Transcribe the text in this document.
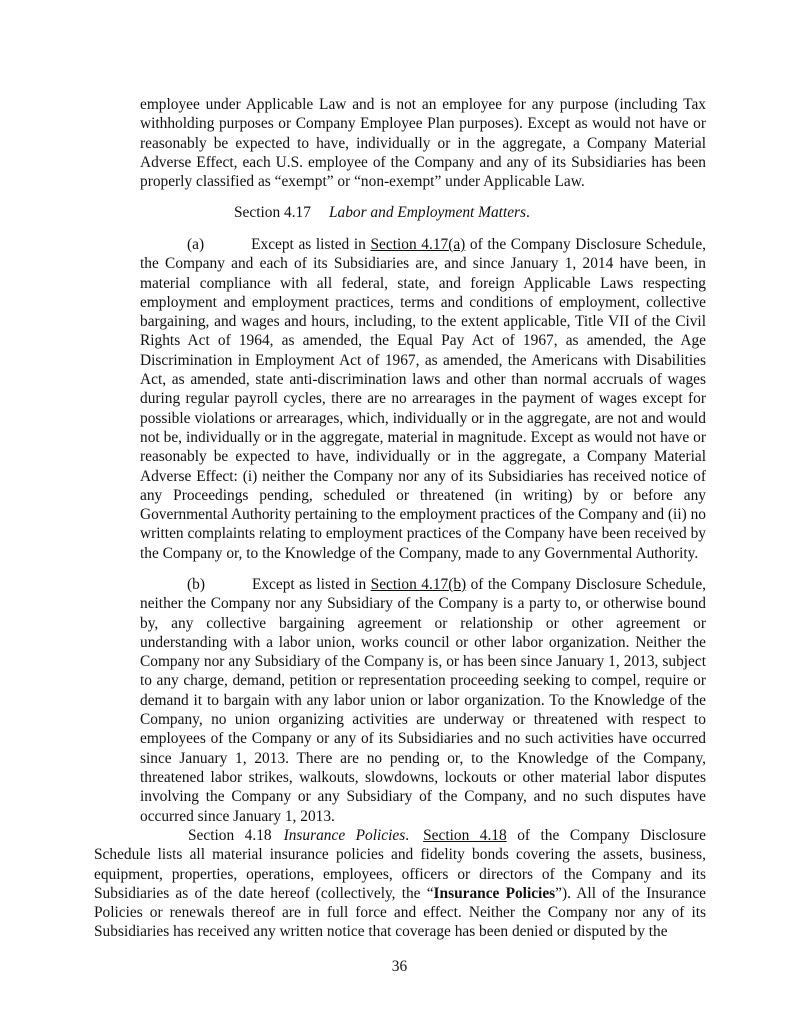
employee under Applicable Law and is not an employee for any purpose (including Tax withholding purposes or Company Employee Plan purposes). Except as would not have or reasonably be expected to have, individually or in the aggregate, a Company Material Adverse Effect, each U.S. employee of the Company and any of its Subsidiaries has been properly classified as “exempt” or “non-exempt” under Applicable Law.

Section 4.17 Labor and Employment Matters.

(a)	Except as listed in Section 4.17(a) of the Company Disclosure Schedule, the Company and each of its Subsidiaries are, and since January 1, 2014 have been, in material compliance with all federal, state, and foreign Applicable Laws respecting employment and employment practices, terms and conditions of employment, collective bargaining, and wages and hours, including, to the extent applicable, Title VII of the Civil Rights Act of 1964, as amended, the Equal Pay Act of 1967, as amended, the Age Discrimination in Employment Act of 1967, as amended, the Americans with Disabilities Act, as amended, state anti-discrimination laws and other than normal accruals of wages during regular payroll cycles, there are no arrearages in the payment of wages except for possible violations or arrearages, which, individually or in the aggregate, are not and would not be, individually or in the aggregate, material in magnitude. Except as would not have or reasonably be expected to have, individually or in the aggregate, a Company Material Adverse Effect: (i) neither the Company nor any of its Subsidiaries has received notice of any Proceedings pending, scheduled or threatened (in writing) by or before any Governmental Authority pertaining to the employment practices of the Company and (ii) no written complaints relating to employment practices of the Company have been received by the Company or, to the Knowledge of the Company, made to any Governmental Authority.

(b)	Except as listed in Section 4.17(b) of the Company Disclosure Schedule, neither the Company nor any Subsidiary of the Company is a party to, or otherwise bound by, any collective bargaining agreement or relationship or other agreement or understanding with a labor union, works council or other labor organization. Neither the Company nor any Subsidiary of the Company is, or has been since January 1, 2013, subject to any charge, demand, petition or representation proceeding seeking to compel, require or demand it to bargain with any labor union or labor organization. To the Knowledge of the Company, no union organizing activities are underway or threatened with respect to employees of the Company or any of its Subsidiaries and no such activities have occurred since January 1, 2013. There are no pending or, to the Knowledge of the Company, threatened labor strikes, walkouts, slowdowns, lockouts or other material labor disputes involving the Company or any Subsidiary of the Company, and no such disputes have occurred since January 1, 2013.

Section 4.18 Insurance Policies. Section 4.18 of the Company Disclosure Schedule lists all material insurance policies and fidelity bonds covering the assets, business, equipment, properties, operations, employees, officers or directors of the Company and its Subsidiaries as of the date hereof (collectively, the “Insurance Policies”). All of the Insurance Policies or renewals thereof are in full force and effect. Neither the Company nor any of its Subsidiaries has received any written notice that coverage has been denied or disputed by the

36
